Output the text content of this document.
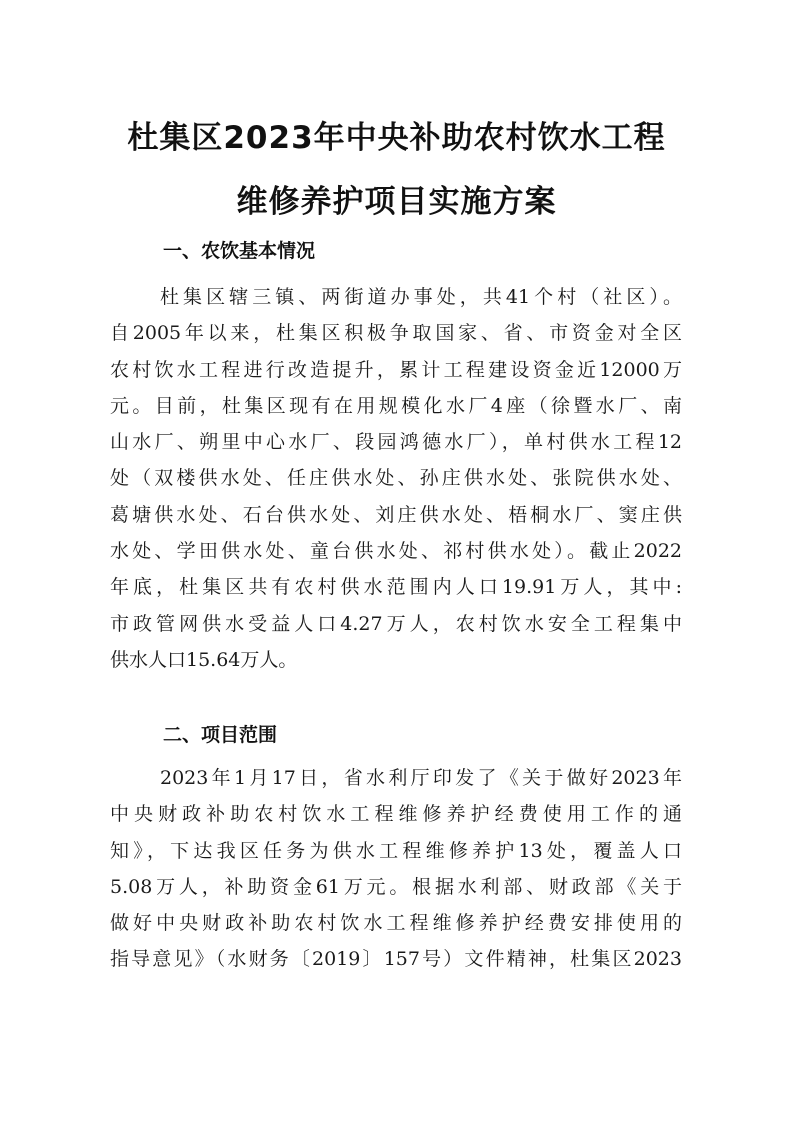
杜集区2023年中央补助农村饮水工程
维修养护项目实施方案
一、农饮基本情况
杜集区辖三镇、两街道办事处，共41个村（社区）。
自2005年以来，杜集区积极争取国家、省、市资金对全区
农村饮水工程进行改造提升，累计工程建设资金近12000万
元。目前，杜集区现有在用规模化水厂4座（徐暨水厂、南
山水厂、朔里中心水厂、段园鸿德水厂），单村供水工程12
处（双楼供水处、任庄供水处、孙庄供水处、张院供水处、
葛塘供水处、石台供水处、刘庄供水处、梧桐水厂、窦庄供
水处、学田供水处、童台供水处、祁村供水处）。截止2022
年底，杜集区共有农村供水范围内人口19.91万人，其中:
市政管网供水受益人口4.27万人，农村饮水安全工程集中
供水人口15.64万人。
二、项目范围
2023年1月17日，省水利厅印发了《关于做好2023年
中央财政补助农村饮水工程维修养护经费使用工作的通
知》，下达我区任务为供水工程维修养护13处，覆盖人口
5.08万人，补助资金61万元。根据水利部、财政部《关于
做好中央财政补助农村饮水工程维修养护经费安排使用的
指导意见》（水财务〔2019〕157号）文件精神，杜集区2023
